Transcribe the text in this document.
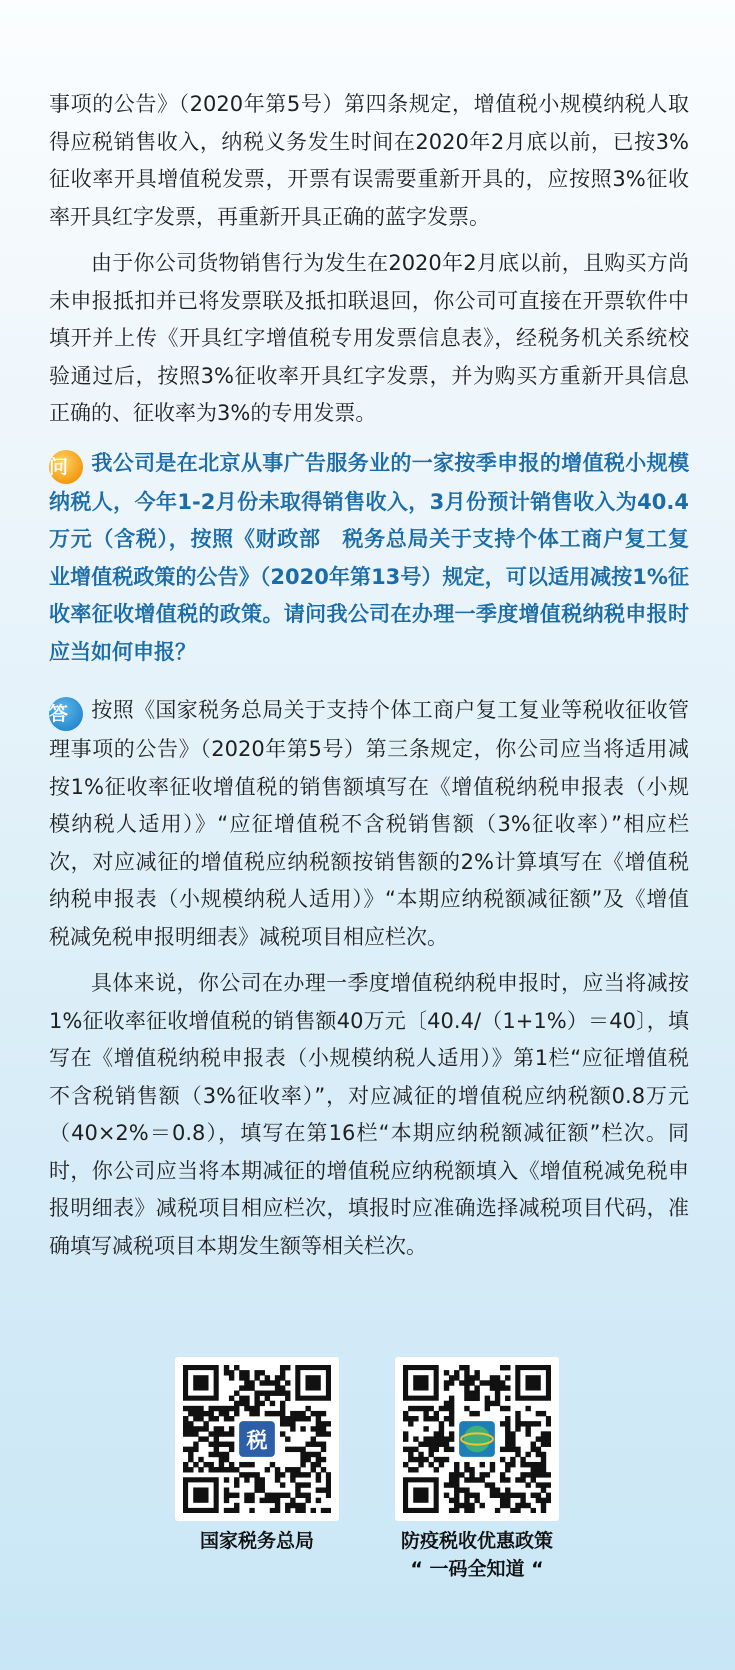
事项的公告》（2020年第5号）第四条规定，增值税小规模纳税人取得应税销售收入，纳税义务发生时间在2020年2月底以前，已按3%征收率开具增值税发票，开票有误需要重新开具的，应按照3%征收率开具红字发票，再重新开具正确的蓝字发票。

由于你公司货物销售行为发生在2020年2月底以前，且购买方尚未申报抵扣并已将发票联及抵扣联退回，你公司可直接在开票软件中填开并上传《开具红字增值税专用发票信息表》，经税务机关系统校验通过后，按照3%征收率开具红字发票，并为购买方重新开具信息正确的、征收率为3%的专用发票。

问 我公司是在北京从事广告服务业的一家按季申报的增值税小规模纳税人，今年1-2月份未取得销售收入，3月份预计销售收入为40.4万元（含税），按照《财政部　税务总局关于支持个体工商户复工复业增值税政策的公告》（2020年第13号）规定，可以适用减按1%征收率征收增值税的政策。请问我公司在办理一季度增值税纳税申报时应当如何申报？

答 按照《国家税务总局关于支持个体工商户复工复业等税收征收管理事项的公告》（2020年第5号）第三条规定，你公司应当将适用减按1%征收率征收增值税的销售额填写在《增值税纳税申报表（小规模纳税人适用）》“应征增值税不含税销售额（3%征收率）”相应栏次，对应减征的增值税应纳税额按销售额的2%计算填写在《增值税纳税申报表（小规模纳税人适用）》“本期应纳税额减征额”及《增值税减免税申报明细表》减税项目相应栏次。

具体来说，你公司在办理一季度增值税纳税申报时，应当将减按1%征收率征收增值税的销售额40万元〔40.4/（1+1%）＝40〕，填写在《增值税纳税申报表（小规模纳税人适用）》第1栏“应征增值税不含税销售额（3%征收率）”，对应减征的增值税应纳税额0.8万元（40×2%＝0.8），填写在第16栏“本期应纳税额减征额”栏次。同时，你公司应当将本期减征的增值税应纳税额填入《增值税减免税申报明细表》减税项目相应栏次，填报时应准确选择减税项目代码，准确填写减税项目本期发生额等相关栏次。

税
国家税务总局	防疫税收优惠政策
“ 一码全知道 “
